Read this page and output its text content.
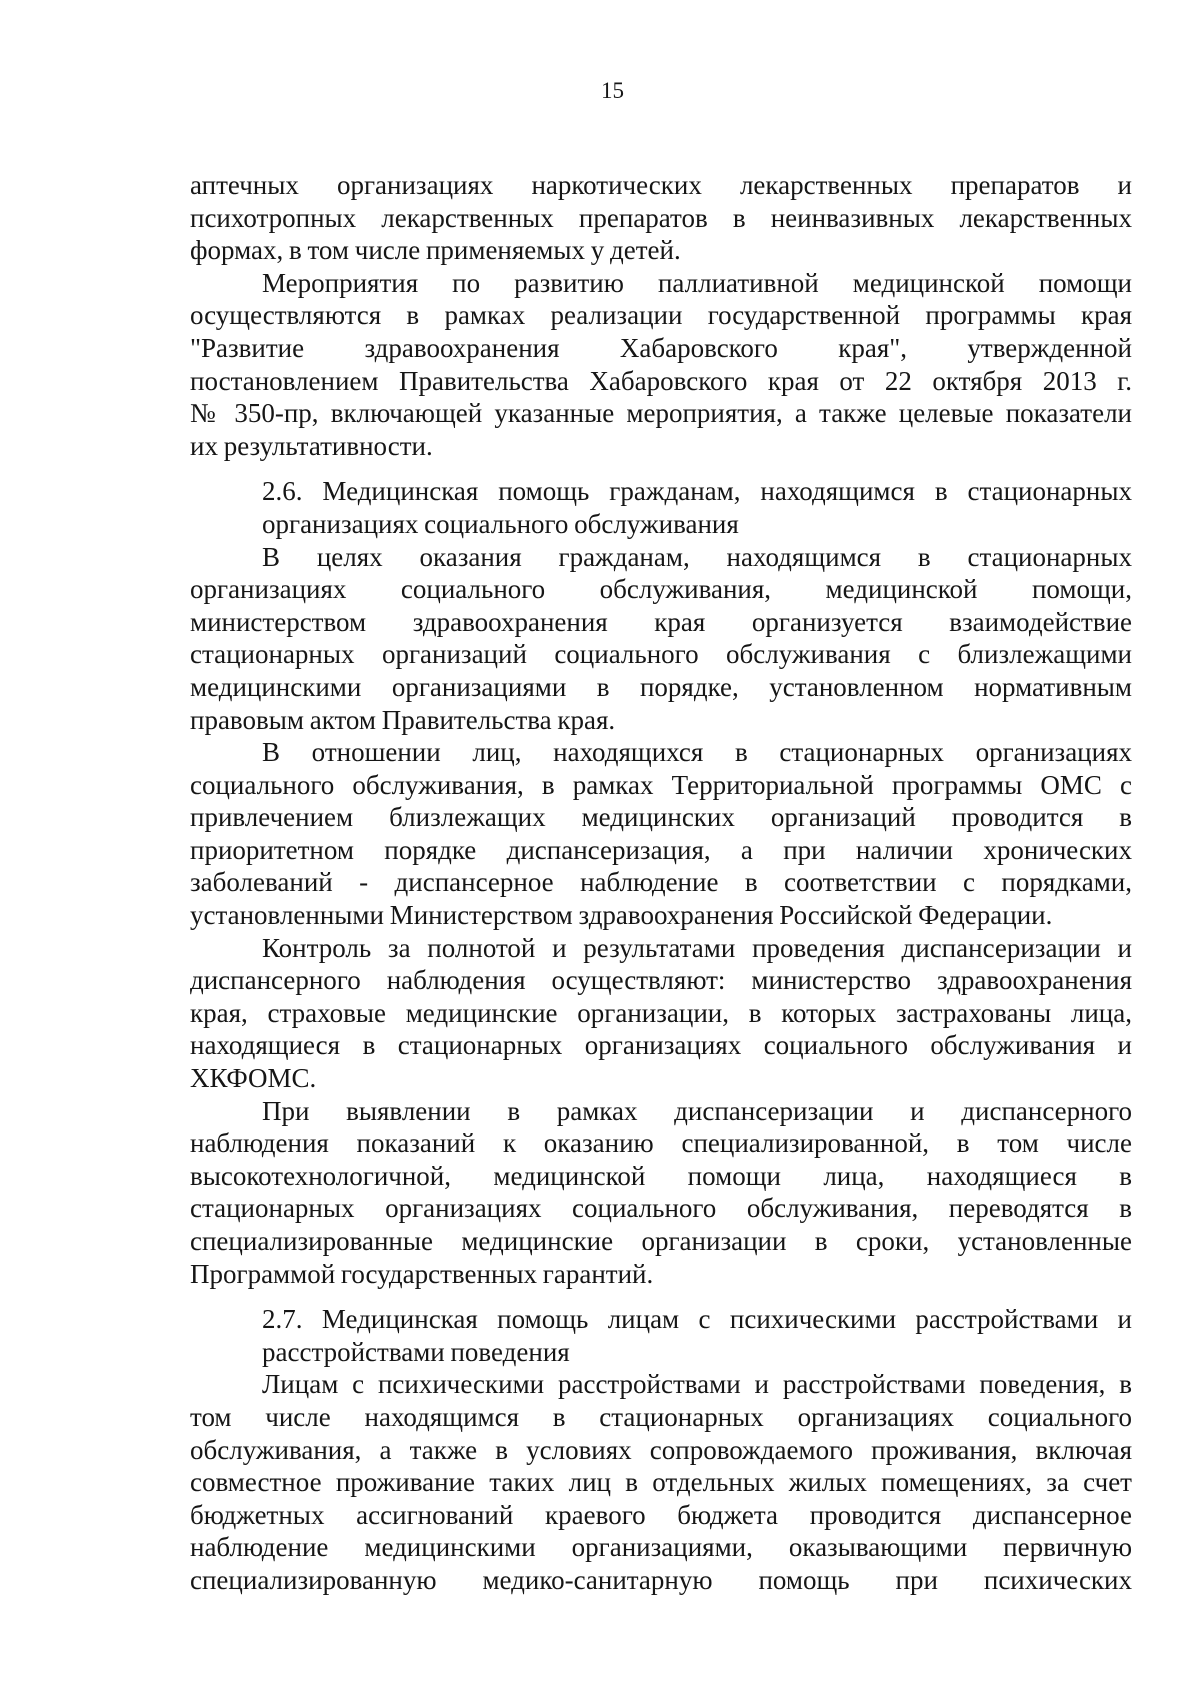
15

аптечных организациях наркотических лекарственных препаратов и

психотропных лекарственных препаратов в неинвазивных лекарственных

формах, в том числе применяемых у детей.

Мероприятия по развитию паллиативной медицинской помощи

осуществляются в рамках реализации государственной программы края

"Развитие здравоохранения Хабаровского края", утвержденной

постановлением Правительства Хабаровского края от 22 октября 2013 г.

№ 350-пр, включающей указанные мероприятия, а также целевые показатели

их результативности.

2.6. Медицинская помощь гражданам, находящимся в стационарных

организациях социального обслуживания

В целях оказания гражданам, находящимся в стационарных

организациях социального обслуживания, медицинской помощи,

министерством здравоохранения края организуется взаимодействие

стационарных организаций социального обслуживания с близлежащими

медицинскими организациями в порядке, установленном нормативным

правовым актом Правительства края.

В отношении лиц, находящихся в стационарных организациях

социального обслуживания, в рамках Территориальной программы ОМС с

привлечением близлежащих медицинских организаций проводится в

приоритетном порядке диспансеризация, а при наличии хронических

заболеваний - диспансерное наблюдение в соответствии с порядками,

установленными Министерством здравоохранения Российской Федерации.

Контроль за полнотой и результатами проведения диспансеризации и

диспансерного наблюдения осуществляют: министерство здравоохранения

края, страховые медицинские организации, в которых застрахованы лица,

находящиеся в стационарных организациях социального обслуживания и

ХКФОМС.

При выявлении в рамках диспансеризации и диспансерного

наблюдения показаний к оказанию специализированной, в том числе

высокотехнологичной, медицинской помощи лица, находящиеся в

стационарных организациях социального обслуживания, переводятся в

специализированные медицинские организации в сроки, установленные

Программой государственных гарантий.

2.7. Медицинская помощь лицам с психическими расстройствами и

расстройствами поведения

Лицам с психическими расстройствами и расстройствами поведения, в

том числе находящимся в стационарных организациях социального

обслуживания, а также в условиях сопровождаемого проживания, включая

совместное проживание таких лиц в отдельных жилых помещениях, за счет

бюджетных ассигнований краевого бюджета проводится диспансерное

наблюдение медицинскими организациями, оказывающими первичную

специализированную медико-санитарную помощь при психических
